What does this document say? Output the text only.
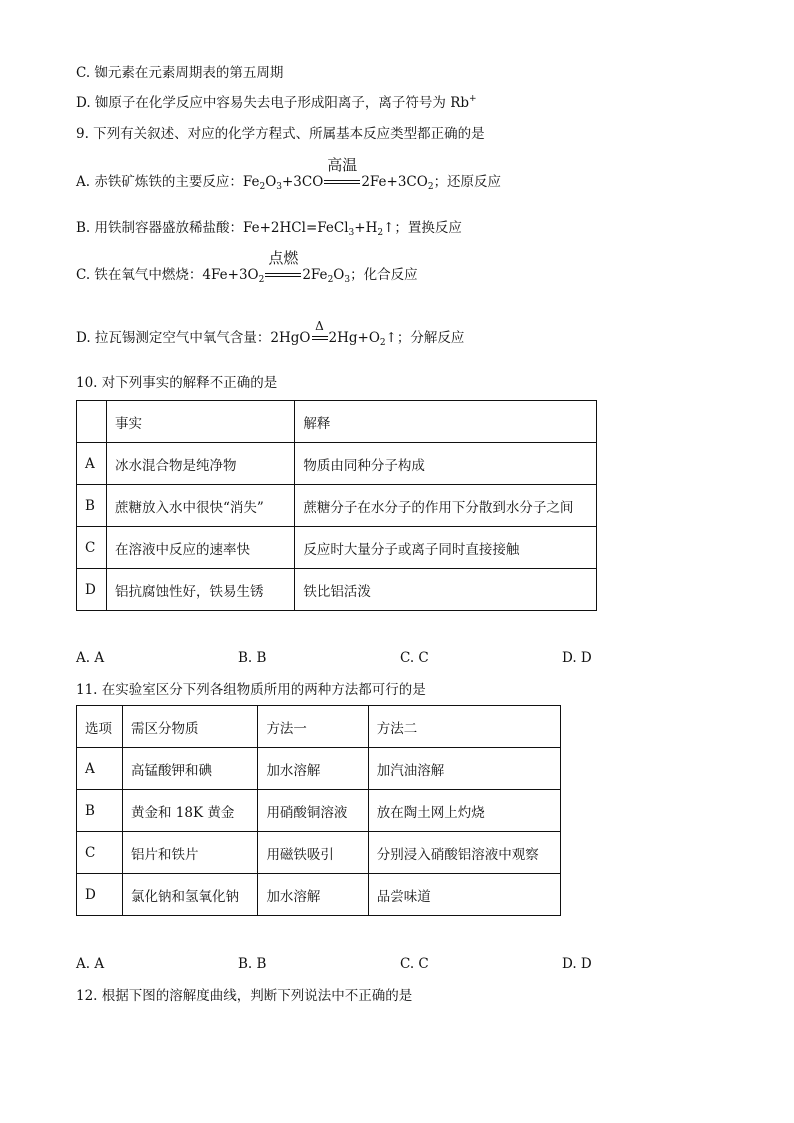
C. 铷元素在元素周期表的第五周期
D. 铷原子在化学反应中容易失去电子形成阳离子，离子符号为 Rb+
9. 下列有关叙述、对应的化学方程式、所属基本反应类型都正确的是
A. 赤铁矿炼铁的主要反应：$Fe_2O_3+3CO$
高温
$2Fe+3CO_2$；还原反应
B. 用铁制容器盛放稀盐酸：$Fe+2HCl=FeCl_3+H_2↑$；置换反应
C. 铁在氧气中燃烧：$4Fe+3O_2$
点燃
$2Fe_2O_3$；化合反应
D. 拉瓦锡测定空气中氧气含量：2HgO
Δ
$2Hg+O_2↑$；分解反应
10. 对下列事实的解释不正确的是
	事实	解释
A	冰水混合物是纯净物	物质由同种分子构成
B	蔗糖放入水中很快“消失”	蔗糖分子在水分子的作用下分散到水分子之间
C	在溶液中反应的速率快	反应时大量分子或离子同时直接接触
D	铝抗腐蚀性好，铁易生锈	铁比铝活泼
A. A	B. B	C. C	D. D
11. 在实验室区分下列各组物质所用的两种方法都可行的是
选项	需区分物质	方法一	方法二
A	高锰酸钾和碘	加水溶解	加汽油溶解
B	黄金和 18K 黄金	用硝酸铜溶液	放在陶土网上灼烧
C	铝片和铁片	用磁铁吸引	分别浸入硝酸铝溶液中观察
D	氯化钠和氢氧化钠	加水溶解	品尝味道
A. A	B. B	C. C	D. D
12. 根据下图的溶解度曲线，判断下列说法中不正确的是
